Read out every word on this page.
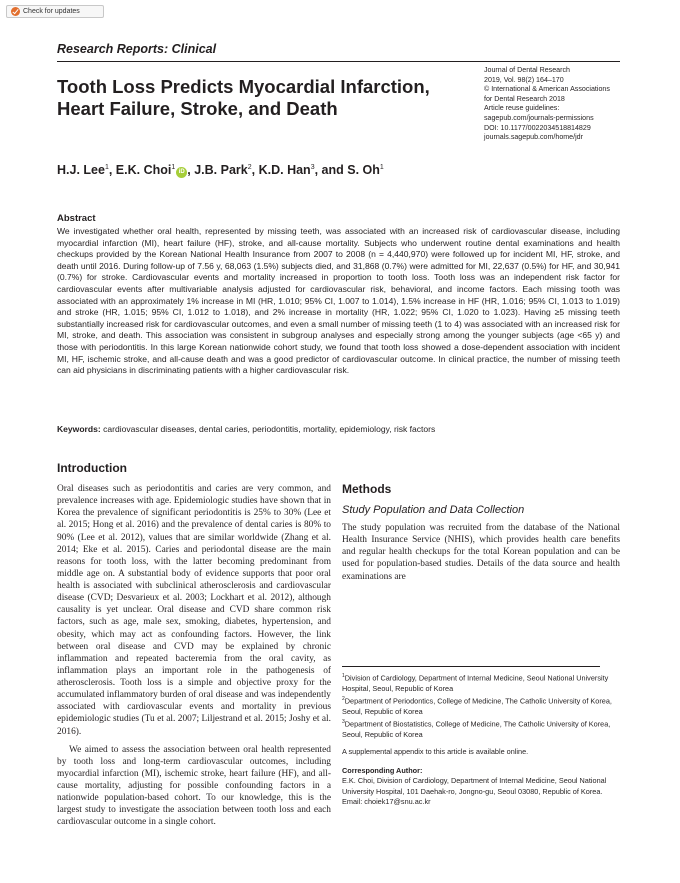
Check for updates
Research Reports: Clinical
Tooth Loss Predicts Myocardial Infarction, Heart Failure, Stroke, and Death
Journal of Dental Research
2019, Vol. 98(2) 164–170
© International & American Associations
for Dental Research 2018
Article reuse guidelines:
sagepub.com/journals-permissions
DOI: 10.1177/0022034518814829
journals.sagepub.com/home/jdr
H.J. Lee$^1$, E.K. Choi$^1$iD , J.B. Park$^2$, K.D. Han$^3$, and S. Oh$^1$
Abstract
We investigated whether oral health, represented by missing teeth, was associated with an increased risk of cardiovascular disease, including myocardial infarction (MI), heart failure (HF), stroke, and all-cause mortality. Subjects who underwent routine dental examinations and health checkups provided by the Korean National Health Insurance from 2007 to 2008 (n = 4,440,970) were followed up for incident MI, HF, stroke, and death until 2016. During follow-up of 7.56 y, 68,063 (1.5%) subjects died, and 31,868 (0.7%) were admitted for MI, 22,637 (0.5%) for HF, and 30,941 (0.7%) for stroke. Cardiovascular events and mortality increased in proportion to tooth loss. Tooth loss was an independent risk factor for cardiovascular events after multivariable analysis adjusted for cardiovascular risk, behavioral, and income factors. Each missing tooth was associated with an approximately 1% increase in MI (HR, 1.010; 95% CI, 1.007 to 1.014), 1.5% increase in HF (HR, 1.016; 95% CI, 1.013 to 1.019) and stroke (HR, 1.015; 95% CI, 1.012 to 1.018), and 2% increase in mortality (HR, 1.022; 95% CI, 1.020 to 1.023). Having ≥5 missing teeth substantially increased risk for cardiovascular outcomes, and even a small number of missing teeth (1 to 4) was associated with an increased risk for MI, stroke, and death. This association was consistent in subgroup analyses and especially strong among the younger subjects (age <65 y) and those with periodontitis. In this large Korean nationwide cohort study, we found that tooth loss showed a dose-dependent association with incident MI, HF, ischemic stroke, and all-cause death and was a good predictor of cardiovascular outcome. In clinical practice, the number of missing teeth can aid physicians in discriminating patients with a higher cardiovascular risk.
Keywords: cardiovascular diseases, dental caries, periodontitis, mortality, epidemiology, risk factors
Introduction

Oral diseases such as periodontitis and caries are very common, and prevalence increases with age. Epidemiologic studies have shown that in Korea the prevalence of significant periodontitis is 25% to 30% (Lee et al. 2015; Hong et al. 2016) and the prevalence of dental caries is 80% to 90% (Lee et al. 2012), values that are similar worldwide (Zhang et al. 2014; Eke et al. 2015). Caries and periodontal disease are the main reasons for tooth loss, with the latter becoming predominant from middle age on. A substantial body of evidence supports that poor oral health is associated with subclinical atherosclerosis and cardiovascular disease (CVD; Desvarieux et al. 2003; Lockhart et al. 2012), although causality is yet unclear. Oral disease and CVD share common risk factors, such as age, male sex, smoking, diabetes, hypertension, and obesity, which may act as confounding factors. However, the link between oral disease and CVD may be explained by chronic inflammation and repeated bacteremia from the oral cavity, as inflammation plays an important role in the pathogenesis of atherosclerosis. Tooth loss is a simple and objective proxy for the accumulated inflammatory burden of oral disease and was independently associated with cardiovascular events and mortality in previous epidemiologic studies (Tu et al. 2007; Liljestrand et al. 2015; Joshy et al. 2016).

We aimed to assess the association between oral health represented by tooth loss and long-term cardiovascular outcomes, including myocardial infarction (MI), ischemic stroke, heart failure (HF), and all-cause mortality, adjusting for possible confounding factors in a nationwide population-based cohort. To our knowledge, this is the largest study to investigate the association between tooth loss and each cardiovascular outcome in a single cohort.

Methods
Study Population and Data Collection

The study population was recruited from the database of the National Health Insurance Service (NHIS), which provides health care benefits and regular health checkups for the total Korean population and can be used for population-based studies. Details of the data source and health examinations are

$^1$Division of Cardiology, Department of Internal Medicine, Seoul National University Hospital, Seoul, Republic of Korea
$^2$Department of Periodontics, College of Medicine, The Catholic University of Korea, Seoul, Republic of Korea
$^3$Department of Biostatistics, College of Medicine, The Catholic University of Korea, Seoul, Republic of Korea
A supplemental appendix to this article is available online.
Corresponding Author:
E.K. Choi, Division of Cardiology, Department of Internal Medicine, Seoul National University Hospital, 101 Daehak-ro, Jongno-gu, Seoul 03080, Republic of Korea.
Email: choiek17@snu.ac.kr
